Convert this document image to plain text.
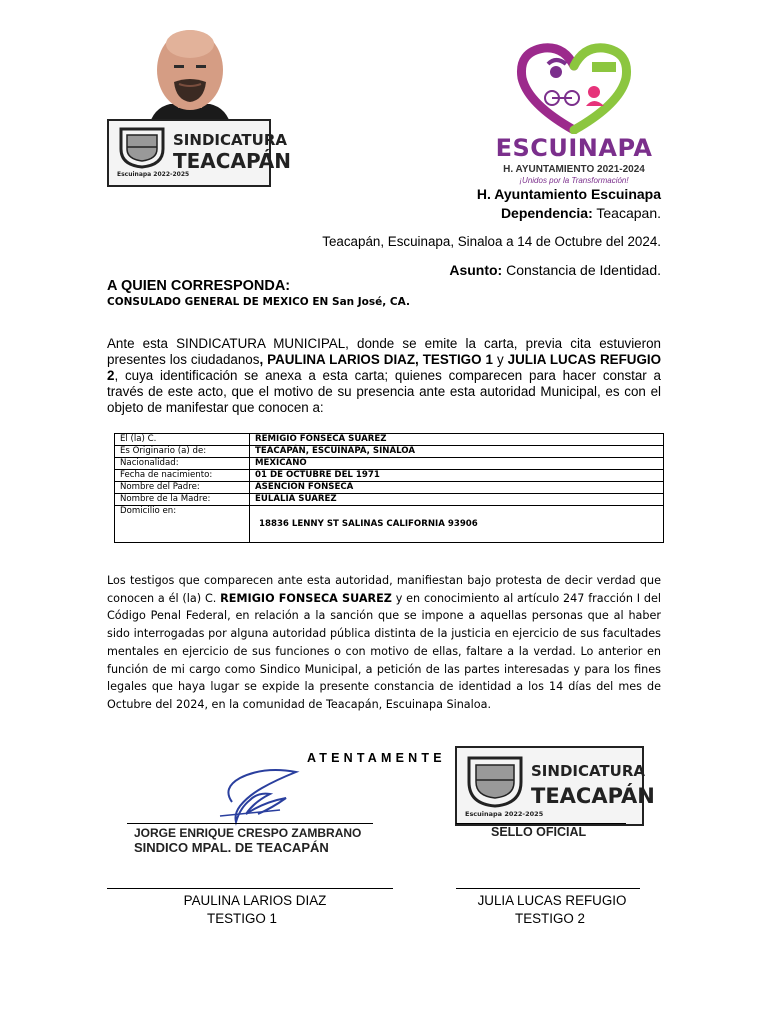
SINDICATURA
TEACAPÁN
Escuinapa 2022-2025
ESCUINAPA
H. AYUNTAMIENTO 2021-2024
¡Unidos por la Transformación!
H. Ayuntamiento Escuinapa
Dependencia: Teacapan.
Teacapán, Escuinapa, Sinaloa a 14 de Octubre del 2024.
Asunto: Constancia de Identidad.
A QUIEN CORRESPONDA:
CONSULADO GENERAL DE MEXICO EN San José, CA.
Ante esta SINDICATURA MUNICIPAL, donde se emite la carta, previa cita estuvieron presentes los ciudadanos, PAULINA LARIOS DIAZ, TESTIGO 1 y JULIA LUCAS REFUGIO 2, cuya identificación se anexa a esta carta; quienes comparecen para hacer constar a través de este acto, que el motivo de su presencia ante esta autoridad Municipal, es con el objeto de manifestar que conocen a:
El (la) C.	REMIGIO FONSECA SUAREZ
Es Originario (a) de:	TEACAPÁN, ESCUINAPA, SINALOA
Nacionalidad:	MEXICANO
Fecha de nacimiento:	01 DE OCTUBRE DEL 1971
Nombre del Padre:	ASENCION FONSECA
Nombre de la Madre:	EULALIA SUAREZ
Domicilio en:	18836 LENNY ST SALINAS CALIFORNIA 93906
Los testigos que comparecen ante esta autoridad, manifiestan bajo protesta de decir verdad que conocen a él (la) C. REMIGIO FONSECA SUAREZ y en conocimiento al artículo 247 fracción I del Código Penal Federal, en relación a la sanción que se impone a aquellas personas que al haber sido interrogadas por alguna autoridad pública distinta de la justicia en ejercicio de sus facultades mentales en ejercicio de sus funciones o con motivo de ellas, faltare a la verdad. Lo anterior en función de mi cargo como Sindico Municipal, a petición de las partes interesadas y para los fines legales que haya lugar se expide la presente constancia de identidad a los 14 días del mes de Octubre del 2024, en la comunidad de Teacapán, Escuinapa Sinaloa.
ATENTAMENTE
JORGE ENRIQUE CRESPO ZAMBRANO
SINDICO MPAL. DE TEACAPÁN
SINDICATURA
TEACAPÁN
Escuinapa 2022-2025
SELLO OFICIAL
PAULINA LARIOS DIAZ
TESTIGO 1
JULIA LUCAS REFUGIO
TESTIGO 2
